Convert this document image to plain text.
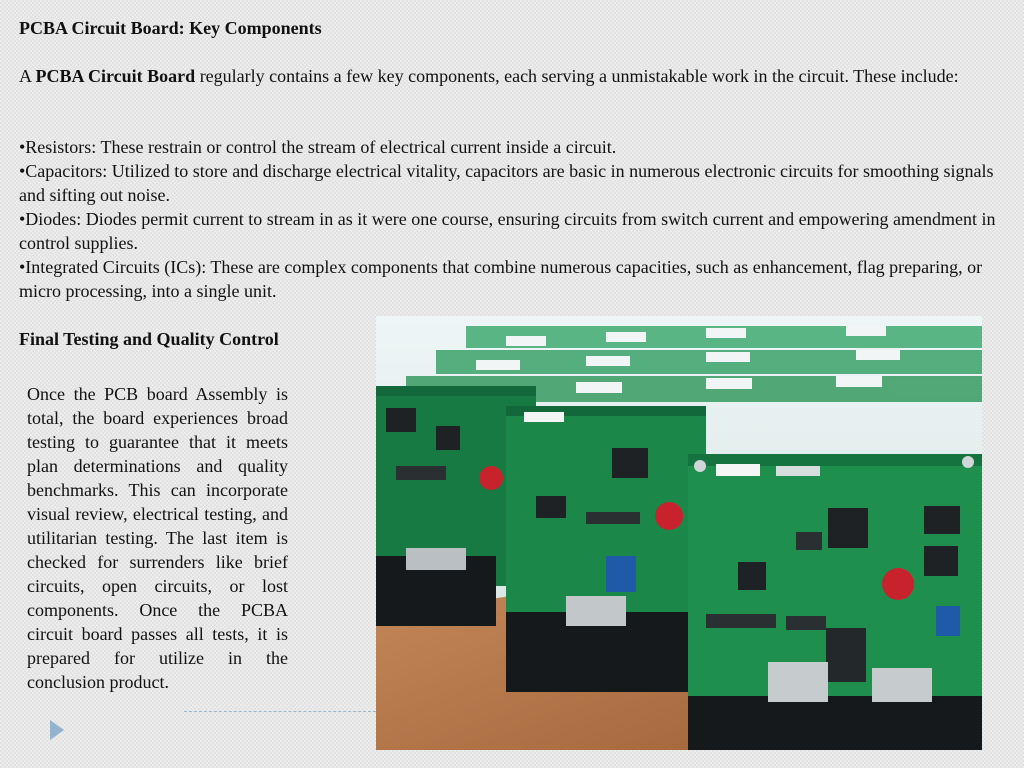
PCBA Circuit Board: Key Components

A PCBA Circuit Board regularly contains a few key components, each serving a unmistakable work in the circuit. These include:

•Resistors: These restrain or control the stream of electrical current inside a circuit.
•Capacitors: Utilized to store and discharge electrical vitality, capacitors are basic in numerous electronic circuits for smoothing signals and sifting out noise.
•Diodes: Diodes permit current to stream in as it were one course, ensuring circuits from switch current and empowering amendment in control supplies.
•Integrated Circuits (ICs): These are complex components that combine numerous capacities, such as enhancement, flag preparing, or micro processing, into a single unit.
Final Testing and Quality Control

Once the PCB board Assembly is total, the board experiences broad testing to guarantee that it meets plan determinations and quality benchmarks. This can incorporate visual review, electrical testing, and utilitarian testing. The last item is checked for surrenders like brief circuits, open circuits, or lost components. Once the PCBA circuit board passes all tests, it is prepared for utilize in the conclusion product.
